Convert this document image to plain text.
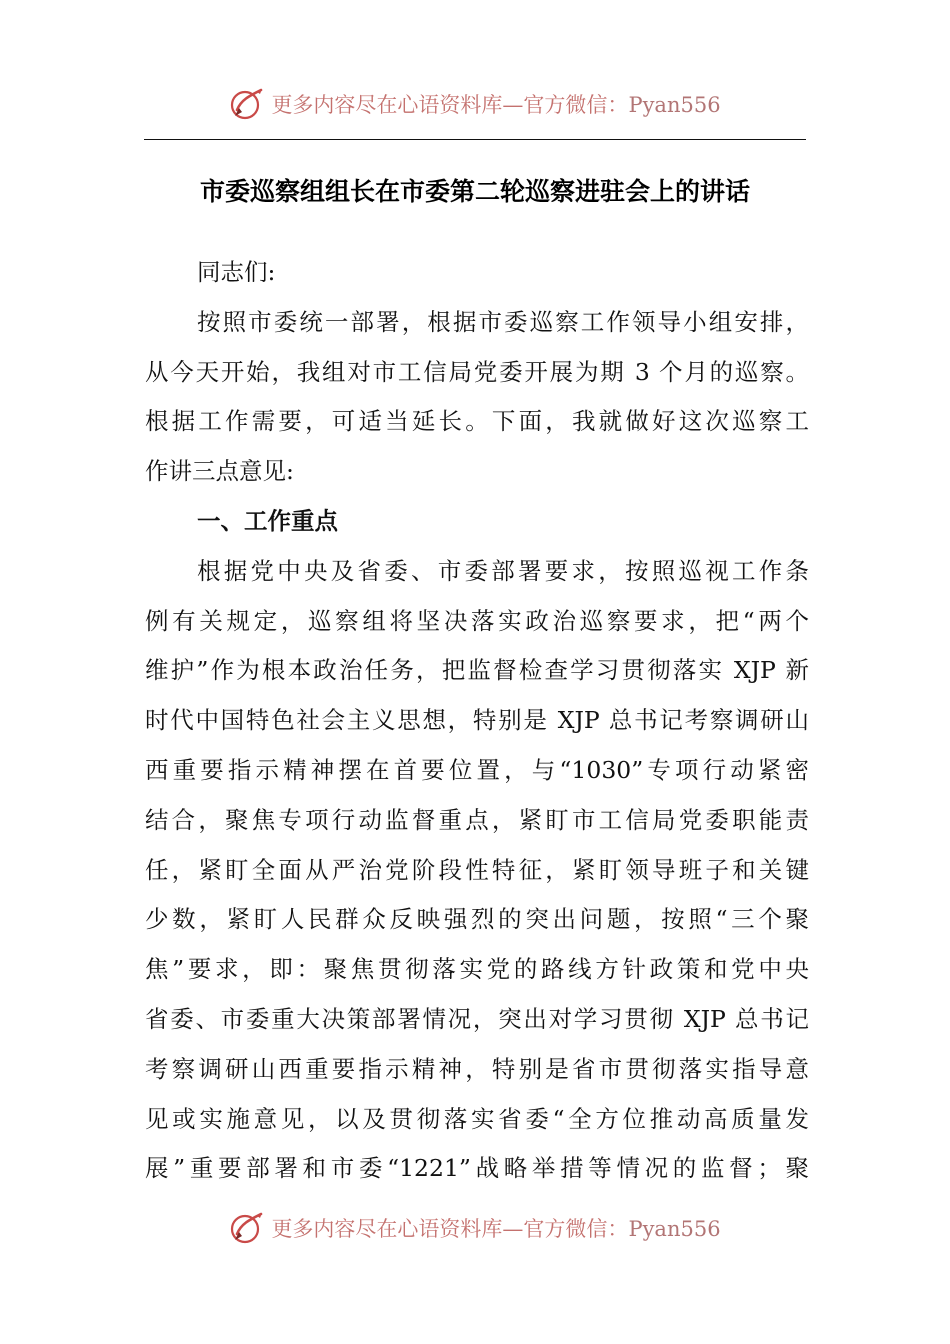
更多内容尽在心语资料库—官方微信：Pyan556
市委巡察组组长在市委第二轮巡察进驻会上的讲话
同志们:
按照市委统一部署，根据市委巡察工作领导小组安排，
从今天开始，我组对市工信局党委开展为期 3 个月的巡察。
根据工作需要，可适当延长。下面，我就做好这次巡察工
作讲三点意见:
一、工作重点
根据党中央及省委、市委部署要求，按照巡视工作条
例有关规定，巡察组将坚决落实政治巡察要求，把“两个
维护”作为根本政治任务，把监督检查学习贯彻落实 XJP 新
时代中国特色社会主义思想，特别是 XJP 总书记考察调研山
西重要指示精神摆在首要位置，与“1030”专项行动紧密
结合，聚焦专项行动监督重点，紧盯市工信局党委职能责
任，紧盯全面从严治党阶段性特征，紧盯领导班子和关键
少数，紧盯人民群众反映强烈的突出问题，按照“三个聚
焦”要求，即：聚焦贯彻落实党的路线方针政策和党中央
省委、市委重大决策部署情况，突出对学习贯彻 XJP 总书记
考察调研山西重要指示精神，特别是省市贯彻落实指导意
见或实施意见，以及贯彻落实省委“全方位推动高质量发
展”重要部署和市委“1221”战略举措等情况的监督；聚
更多内容尽在心语资料库—官方微信：Pyan556
